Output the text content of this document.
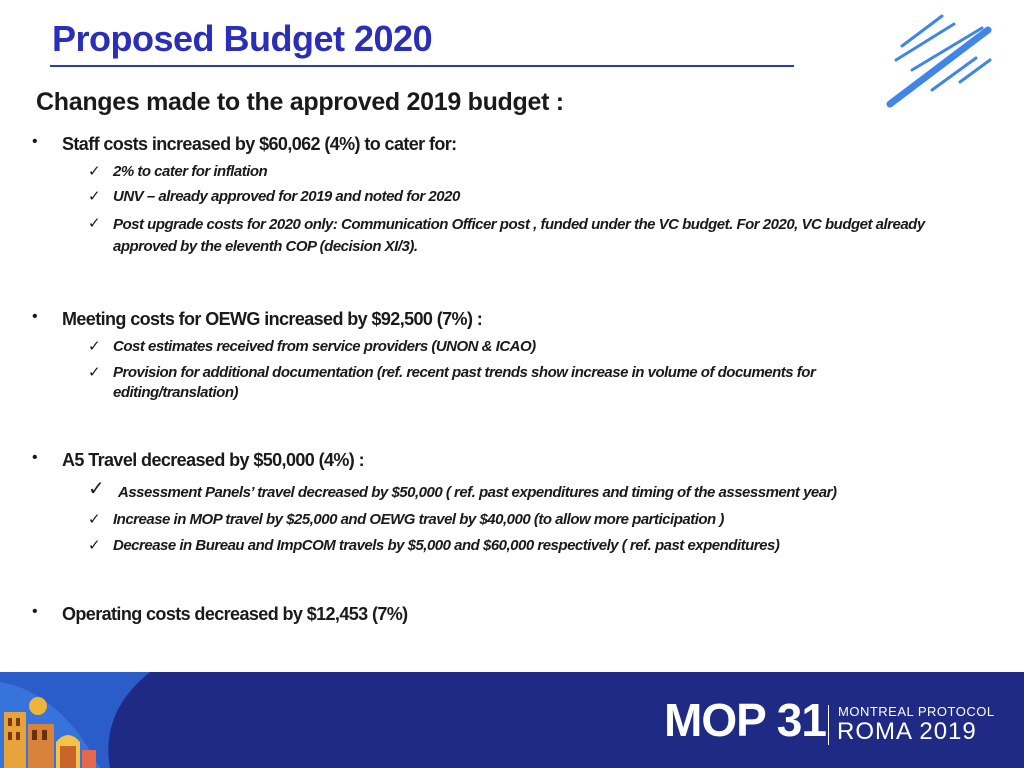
Proposed Budget 2020
Changes made to the approved 2019 budget :
• Staff costs increased by $60,062 (4%) to cater for:
✓ 2% to cater for inflation
✓ UNV – already approved for 2019 and noted for 2020
✓ Post upgrade costs for 2020 only: Communication Officer post , funded under the VC budget. For 2020, VC budget already approved by the eleventh COP (decision XI/3).
• Meeting costs for OEWG increased by $92,500 (7%) :
✓ Cost estimates received from service providers (UNON & ICAO)
✓ Provision for additional documentation (ref. recent past trends show increase in volume of documents for editing/translation)
• A5 Travel decreased by $50,000 (4%) :
✓ Assessment Panels’ travel decreased by $50,000 ( ref. past expenditures and timing of the assessment year)
✓ Increase in MOP travel by $25,000 and OEWG travel by $40,000 (to allow more participation )
✓ Decrease in Bureau and ImpCOM travels by $5,000 and $60,000 respectively ( ref. past expenditures)
• Operating costs decreased by $12,453 (7%)
MOP 31 MONTREAL PROTOCOL
ROMA 2019
